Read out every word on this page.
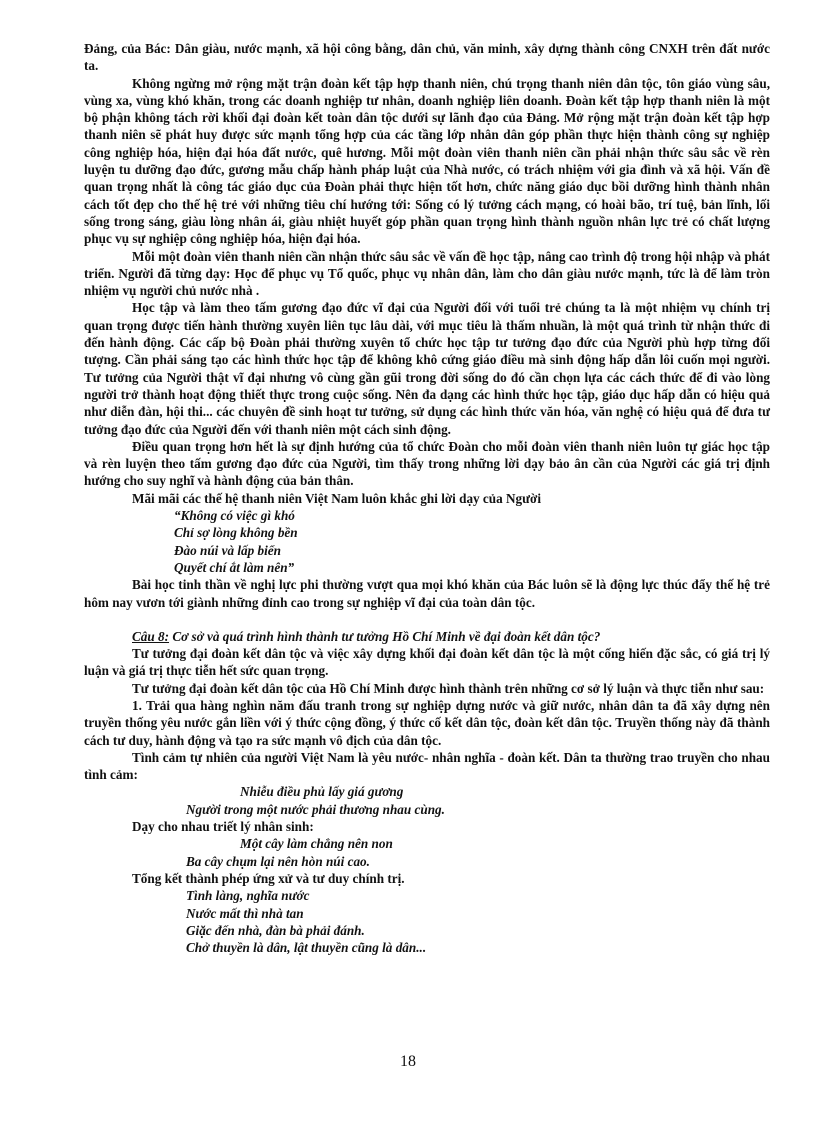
Đảng, của Bác: Dân giàu, nước mạnh, xã hội công bằng, dân chủ, văn minh, xây dựng thành công CNXH trên đất nước ta.

Không ngừng mở rộng mặt trận đoàn kết tập hợp thanh niên, chú trọng thanh niên dân tộc, tôn giáo vùng sâu, vùng xa, vùng khó khăn, trong các doanh nghiệp tư nhân, doanh nghiệp liên doanh. Đoàn kết tập hợp thanh niên là một bộ phận không tách rời khối đại đoàn kết toàn dân tộc dưới sự lãnh đạo của Đảng. Mở rộng mặt trận đoàn kết tập hợp thanh niên sẽ phát huy được sức mạnh tổng hợp của các tầng lớp nhân dân góp phần thực hiện thành công sự nghiệp công nghiệp hóa, hiện đại hóa đất nước, quê hương. Mỗi một đoàn viên thanh niên cần phải nhận thức sâu sắc về rèn luyện tu dưỡng đạo đức, gương mẫu chấp hành pháp luật của Nhà nước, có trách nhiệm với gia đình và xã hội. Vấn đề quan trọng nhất là công tác giáo dục của Đoàn phải thực hiện tốt hơn, chức năng giáo dục bồi dưỡng hình thành nhân cách tốt đẹp cho thế hệ trẻ với những tiêu chí hướng tới: Sống có lý tưởng cách mạng, có hoài bão, trí tuệ, bản lĩnh, lối sống trong sáng, giàu lòng nhân ái, giàu nhiệt huyết góp phần quan trọng hình thành nguồn nhân lực trẻ có chất lượng phục vụ sự nghiệp công nghiệp hóa, hiện đại hóa.

Mỗi một đoàn viên thanh niên cần nhận thức sâu sắc về vấn đề học tập, nâng cao trình độ trong hội nhập và phát triển. Người đã từng dạy: Học để phục vụ Tổ quốc, phục vụ nhân dân, làm cho dân giàu nước mạnh, tức là để làm tròn nhiệm vụ người chủ nước nhà .

Học tập và làm theo tấm gương đạo đức vĩ đại của Người đối với tuổi trẻ chúng ta là một nhiệm vụ chính trị quan trọng được tiến hành thường xuyên liên tục lâu dài, với mục tiêu là thấm nhuần, là một quá trình từ nhận thức đi đến hành động. Các cấp bộ Đoàn phải thường xuyên tổ chức học tập tư tưởng đạo đức của Người phù hợp từng đối tượng. Cần phải sáng tạo các hình thức học tập để không khô cứng giáo điều mà sinh động hấp dẫn lôi cuốn mọi người. Tư tưởng của Người thật vĩ đại nhưng vô cùng gần gũi trong đời sống do đó cần chọn lựa các cách thức để đi vào lòng người trở thành hoạt động thiết thực trong cuộc sống. Nên đa dạng các hình thức học tập, giáo dục hấp dẫn có hiệu quả như diễn đàn, hội thi... các chuyên đề sinh hoạt tư tưởng, sử dụng các hình thức văn hóa, văn nghệ có hiệu quả để đưa tư tưởng đạo đức của Người đến với thanh niên một cách sinh động.

Điều quan trọng hơn hết là sự định hướng của tổ chức Đoàn cho mỗi đoàn viên thanh niên luôn tự giác học tập và rèn luyện theo tấm gương đạo đức của Người, tìm thấy trong những lời dạy bảo ân cần của Người các giá trị định hướng cho suy nghĩ và hành động của bản thân.

Mãi mãi các thế hệ thanh niên Việt Nam luôn khắc ghi lời dạy của Người

“Không có việc gì khó

Chỉ sợ lòng không bền

Đào núi và lấp biển

Quyết chí ắt làm nên”

Bài học tinh thần về nghị lực phi thường vượt qua mọi khó khăn của Bác luôn sẽ là động lực thúc đẩy thế hệ trẻ hôm nay vươn tới giành những đỉnh cao trong sự nghiệp vĩ đại của toàn dân tộc.

Câu 8: Cơ sở và quá trình hình thành tư tưởng Hồ Chí Minh về đại đoàn kết dân tộc?

Tư tưởng đại đoàn kết dân tộc và việc xây dựng khối đại đoàn kết dân tộc là một cống hiến đặc sắc, có giá trị lý luận và giá trị thực tiễn hết sức quan trọng.

Tư tưởng đại đoàn kết dân tộc của Hồ Chí Minh được hình thành trên những cơ sở lý luận và thực tiễn như sau:

1. Trải qua hàng nghìn năm đấu tranh trong sự nghiệp dựng nước và giữ nước, nhân dân ta đã xây dựng nên truyền thống yêu nước gắn liền với ý thức cộng đồng, ý thức cố kết dân tộc, đoàn kết dân tộc. Truyền thống này đã thành cách tư duy, hành động và tạo ra sức mạnh vô địch của dân tộc.

Tình cảm tự nhiên của người Việt Nam là yêu nước- nhân nghĩa - đoàn kết. Dân ta thường trao truyền cho nhau tình cảm:

Nhiễu điều phủ lấy giá gương

Người trong một nước phải thương nhau cùng.

Dạy cho nhau triết lý nhân sinh:

Một cây làm chẳng nên non

Ba cây chụm lại nên hòn núi cao.

Tổng kết thành phép ứng xử và tư duy chính trị.

Tình làng, nghĩa nước

Nước mất thì nhà tan

Giặc đến nhà, đàn bà phải đánh.

Chở thuyền là dân, lật thuyền cũng là dân...

18
